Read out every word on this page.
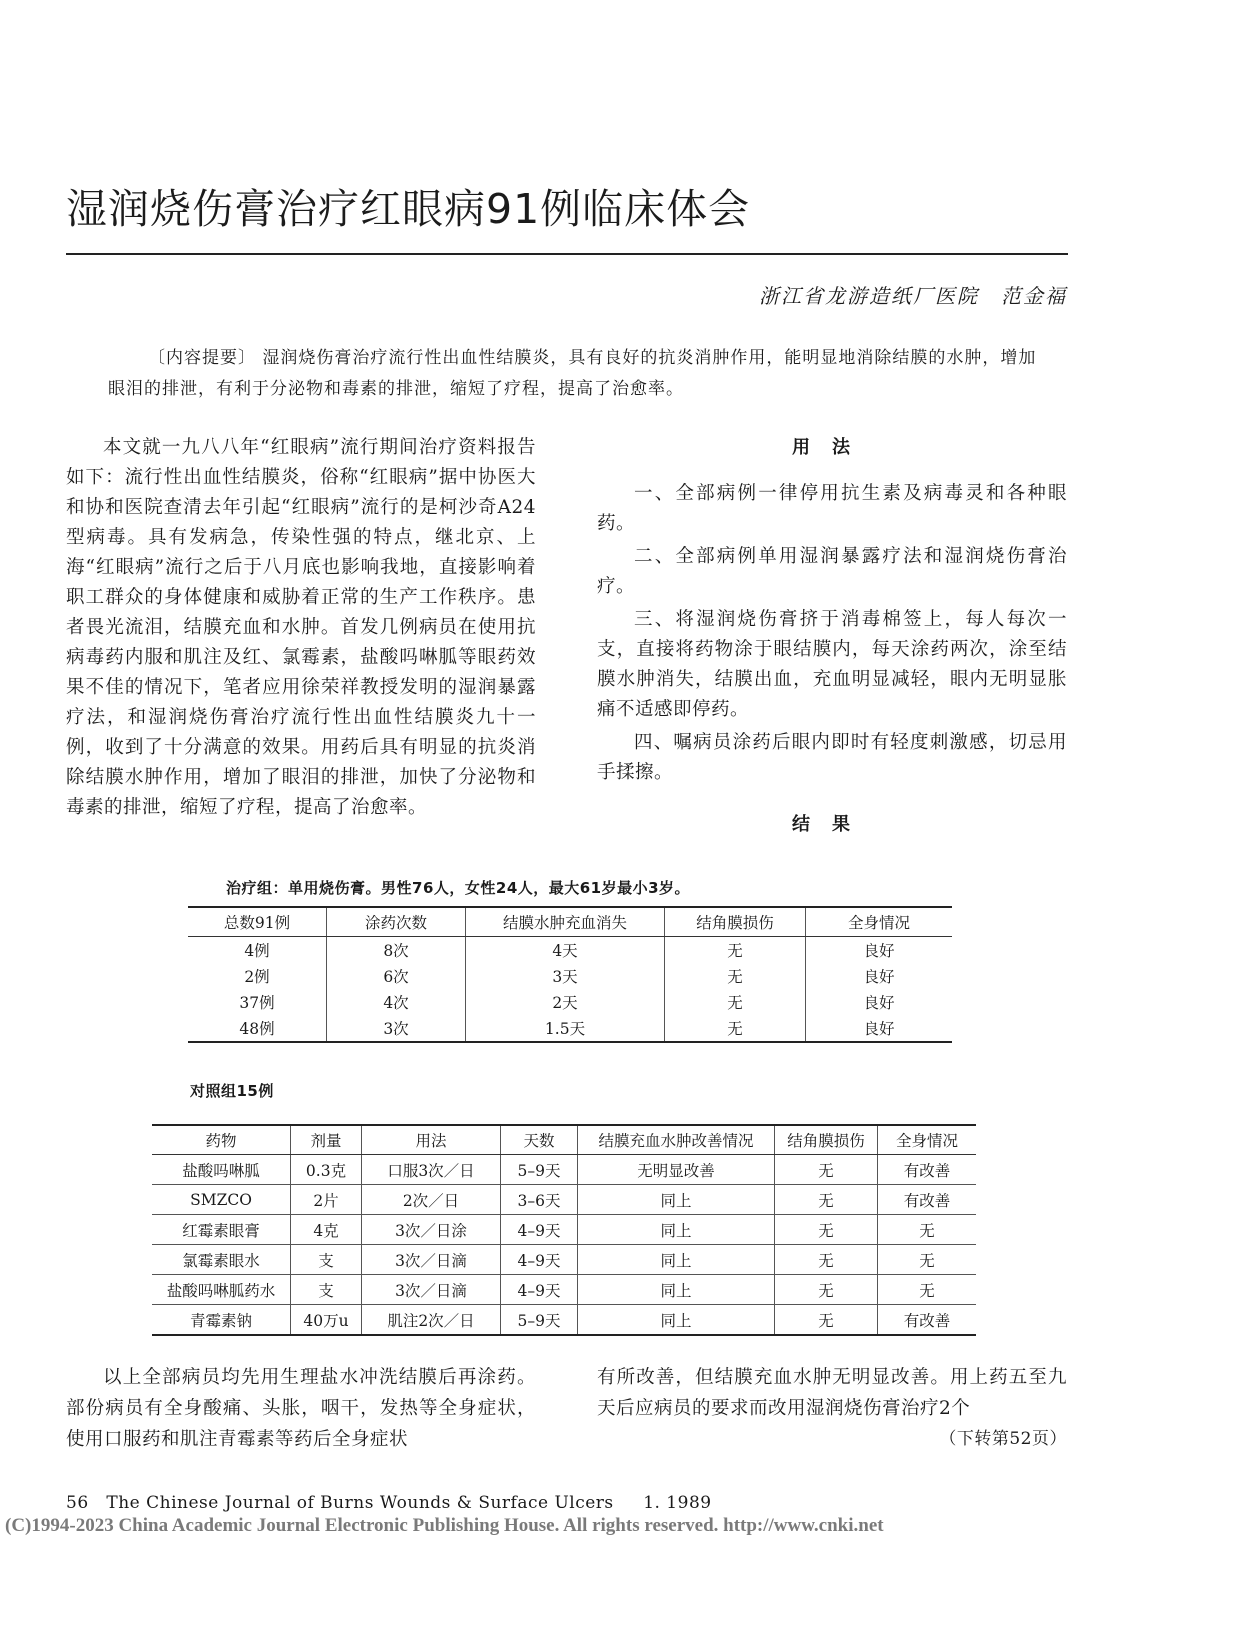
湿润烧伤膏治疗红眼病91例临床体会
浙江省龙游造纸厂医院　范金福
〔内容提要〕 湿润烧伤膏治疗流行性出血性结膜炎，具有良好的抗炎消肿作用，能明显地消除结膜的水肿，增加眼泪的排泄，有利于分泌物和毒素的排泄，缩短了疗程，提高了治愈率。

本文就一九八八年“红眼病”流行期间治疗资料报告如下：流行性出血性结膜炎，俗称“红眼病”据中协医大和协和医院查清去年引起“红眼病”流行的是柯沙奇A24型病毒。具有发病急，传染性强的特点，继北京、上海“红眼病”流行之后于八月底也影响我地，直接影响着职工群众的身体健康和威胁着正常的生产工作秩序。患者畏光流泪，结膜充血和水肿。首发几例病员在使用抗病毒药内服和肌注及红、氯霉素，盐酸吗啉胍等眼药效果不佳的情况下，笔者应用徐荣祥教授发明的湿润暴露疗法，和湿润烧伤膏治疗流行性出血性结膜炎九十一例，收到了十分满意的效果。用药后具有明显的抗炎消除结膜水肿作用，增加了眼泪的排泄，加快了分泌物和毒素的排泄，缩短了疗程，提高了治愈率。

用法

一、全部病例一律停用抗生素及病毒灵和各种眼药。

二、全部病例单用湿润暴露疗法和湿润烧伤膏治疗。

三、将湿润烧伤膏挤于消毒棉签上，每人每次一支，直接将药物涂于眼结膜内，每天涂药两次，涂至结膜水肿消失，结膜出血，充血明显减轻，眼内无明显胀痛不适感即停药。

四、嘱病员涂药后眼内即时有轻度刺激感，切忌用手揉擦。

结果
治疗组：单用烧伤膏。男性76人，女性24人，最大61岁最小3岁。
总数91例	涂药次数	结膜水肿充血消失	结角膜损伤	全身情况
4例	8次	4天	无	良好
2例	6次	3天	无	良好
37例	4次	2天	无	良好
48例	3次	1.5天	无	良好
对照组15例
药物	剂量	用法	天数	结膜充血水肿改善情况	结角膜损伤	全身情况
盐酸吗啉胍	0.3克	口服3次／日	5–9天	无明显改善	无	有改善
SMZCO	2片	2次／日	3–6天	同上	无	有改善
红霉素眼膏	4克	3次／日涂	4–9天	同上	无	无
氯霉素眼水	支	3次／日滴	4–9天	同上	无	无
盐酸吗啉胍药水	支	3次／日滴	4–9天	同上	无	无
青霉素钠	40万u	肌注2次／日	5–9天	同上	无	有改善

以上全部病员均先用生理盐水冲洗结膜后再涂药。部份病员有全身酸痛、头胀，咽干，发热等全身症状，使用口服药和肌注青霉素等药后全身症状

有所改善，但结膜充血水肿无明显改善。用上药五至九天后应病员的要求而改用湿润烧伤膏治疗2个

（下转第52页）
56 The Chinese Journal of Burns Wounds & Surface Ulcers 1. 1989
(C)1994-2023 China Academic Journal Electronic Publishing House. All rights reserved. http://www.cnki.net
